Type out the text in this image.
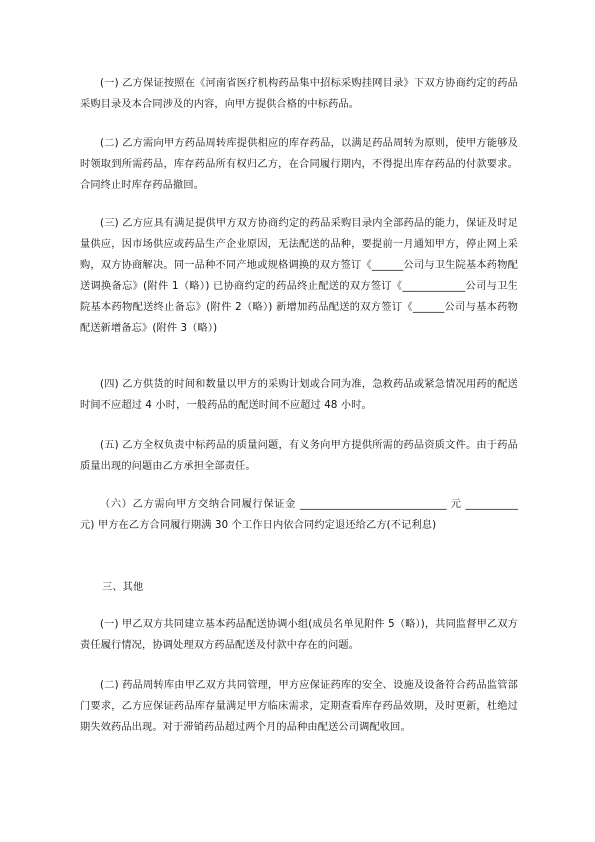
(一) 乙方保证按照在《河南省医疗机构药品集中招标采购挂网目录》下双方协商约定的药品采购目录及本合同涉及的内容，向甲方提供合格的中标药品。

(二) 乙方需向甲方药品周转库提供相应的库存药品，以满足药品周转为原则，使甲方能够及时领取到所需药品，库存药品所有权归乙方，在合同履行期内，不得提出库存药品的付款要求。合同终止时库存药品撤回。

(三) 乙方应具有满足提供甲方双方协商约定的药品采购目录内全部药品的能力，保证及时足量供应，因市场供应或药品生产企业原因，无法配送的品种，要提前一月通知甲方，停止网上采购，双方协商解决。同一品种不同产地或规格调换的双方签订《______公司与卫生院基本药物配送调换备忘》(附件 1（略）) 已协商约定的药品终止配送的双方签订《____________公司与卫生院基本药物配送终止备忘》(附件 2（略）) 新增加药品配送的双方签订《______公司与基本药物配送新增备忘》(附件 3（略）)

(四) 乙方供货的时间和数量以甲方的采购计划或合同为准，急救药品或紧急情况用药的配送时间不应超过 4 小时，一般药品的配送时间不应超过 48 小时。

(五) 乙方全权负责中标药品的质量问题，有义务向甲方提供所需的药品资质文件。由于药品质量出现的问题由乙方承担全部责任。

（六）乙方需向甲方交纳合同履行保证金 ____________________________ 元 __________元) 甲方在乙方合同履行期满 30 个工作日内依合同约定退还给乙方(不记利息)

三、其他

(一) 甲乙双方共同建立基本药品配送协调小组(成员名单见附件 5（略）)，共同监督甲乙双方责任履行情况，协调处理双方药品配送及付款中存在的问题。

(二) 药品周转库由甲乙双方共同管理，甲方应保证药库的安全、设施及设备符合药品监管部门要求，乙方应保证药品库存量满足甲方临床需求，定期查看库存药品效期，及时更新，杜绝过期失效药品出现。对于滞销药品超过两个月的品种由配送公司调配收回。
